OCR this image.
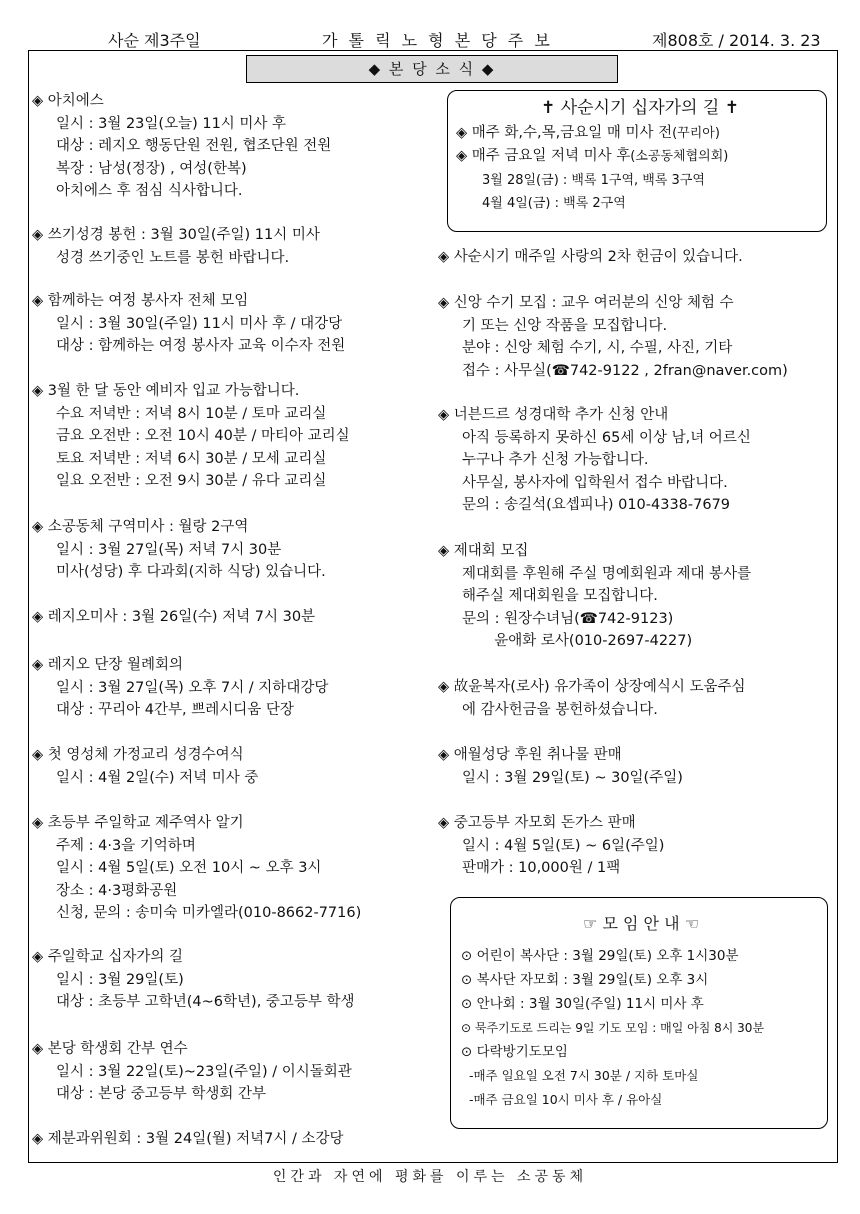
사순 제3주일	가 톨 릭 노 형 본 당 주 보	제808호 / 2014. 3. 23
◆ 본 당 소 식 ◆
◈ 아치에스
일시 : 3월 23일(오늘) 11시 미사 후
대상 : 레지오 행동단원 전원, 협조단원 전원
복장 : 남성(정장) , 여성(한복)
아치에스 후 점심 식사합니다.
◈ 쓰기성경 봉헌 : 3월 30일(주일) 11시 미사
성경 쓰기중인 노트를 봉헌 바랍니다.
◈ 함께하는 여정 봉사자 전체 모임
일시 : 3월 30일(주일) 11시 미사 후 / 대강당
대상 : 함께하는 여정 봉사자 교육 이수자 전원
◈ 3월 한 달 동안 예비자 입교 가능합니다.
수요 저녁반 : 저녁 8시 10분 / 토마 교리실
금요 오전반 : 오전 10시 40분 / 마티아 교리실
토요 저녁반 : 저녁 6시 30분 / 모세 교리실
일요 오전반 : 오전 9시 30분 / 유다 교리실
◈ 소공동체 구역미사 : 월랑 2구역
일시 : 3월 27일(목) 저녁 7시 30분
미사(성당) 후 다과회(지하 식당) 있습니다.
◈ 레지오미사 : 3월 26일(수) 저녁 7시 30분
◈ 레지오 단장 월례회의
일시 : 3월 27일(목) 오후 7시 / 지하대강당
대상 : 꾸리아 4간부, 쁘레시디움 단장
◈ 첫 영성체 가정교리 성경수여식
일시 : 4월 2일(수) 저녁 미사 중
◈ 초등부 주일학교 제주역사 알기
주제 : 4·3을 기억하며
일시 : 4월 5일(토) 오전 10시 ~ 오후 3시
장소 : 4·3평화공원
신청, 문의 : 송미숙 미카엘라(010-8662-7716)
◈ 주일학교 십자가의 길
일시 : 3월 29일(토)
대상 : 초등부 고학년(4~6학년), 중고등부 학생
◈ 본당 학생회 간부 연수
일시 : 3월 22일(토)~23일(주일) / 이시돌회관
대상 : 본당 중고등부 학생회 간부
◈ 제분과위원회 : 3월 24일(월) 저녁7시 / 소강당
✝ 사순시기 십자가의 길 ✝
◈ 매주 화,수,목,금요일 매 미사 전(꾸리아)
◈ 매주 금요일 저녁 미사 후(소공동체협의회)
3월 28일(금) : 백록 1구역, 백록 3구역
4월 4일(금) : 백록 2구역
◈ 사순시기 매주일 사랑의 2차 헌금이 있습니다.
◈ 신앙 수기 모집 : 교우 여러분의 신앙 체험 수
기 또는 신앙 작품을 모집합니다.
분야 : 신앙 체험 수기, 시, 수필, 사진, 기타
접수 : 사무실(☎742-9122 , 2fran@naver.com)
◈ 너븐드르 성경대학 추가 신청 안내
아직 등록하지 못하신 65세 이상 남,녀 어르신
누구나 추가 신청 가능합니다.
사무실, 봉사자에 입학원서 접수 바랍니다.
문의 : 송길석(요셉피나) 010-4338-7679
◈ 제대회 모집
제대회를 후원해 주실 명예회원과 제대 봉사를
해주실 제대회원을 모집합니다.
문의 : 원장수녀님(☎742-9123)
윤애화 로사(010-2697-4227)
◈ 故윤복자(로사) 유가족이 상장예식시 도움주심
에 감사헌금을 봉헌하셨습니다.
◈ 애월성당 후원 취나물 판매
일시 : 3월 29일(토) ~ 30일(주일)
◈ 중고등부 자모회 돈가스 판매
일시 : 4월 5일(토) ~ 6일(주일)
판매가 : 10,000원 / 1팩
☞ 모 임 안 내 ☜
⊙ 어린이 복사단 : 3월 29일(토) 오후 1시30분
⊙ 복사단 자모회 : 3월 29일(토) 오후 3시
⊙ 안나회 : 3월 30일(주일) 11시 미사 후
⊙ 묵주기도로 드리는 9일 기도 모임 : 매일 아침 8시 30분
⊙ 다락방기도모임
-매주 일요일 오전 7시 30분 / 지하 토마실
-매주 금요일 10시 미사 후 / 유아실
인간과 자연에 평화를 이루는 소공동체
